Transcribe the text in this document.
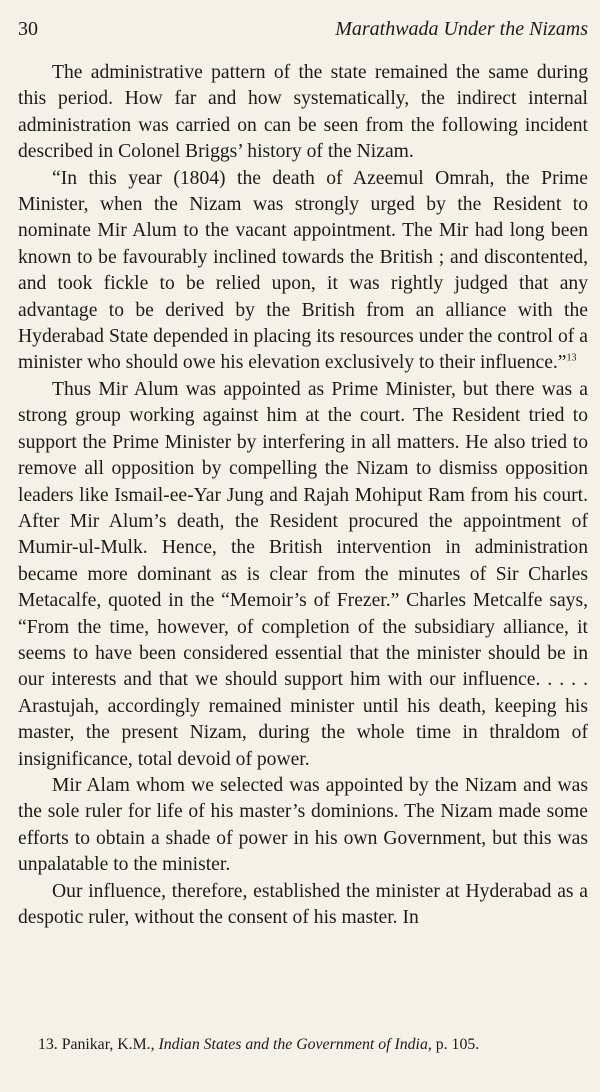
30	Marathwada Under the Nizams

The administrative pattern of the state remained the same during this period. How far and how systematically, the indirect internal administration was carried on can be seen from the following incident described in Colonel Briggs’ history of the Nizam.

“In this year (1804) the death of Azeemul Omrah, the Prime Minister, when the Nizam was strongly urged by the Resident to nominate Mir Alum to the vacant appointment. The Mir had long been known to be favourably inclined towards the British ; and discontented, and took fickle to be relied upon, it was rightly judged that any advantage to be derived by the British from an alliance with the Hyderabad State depended in placing its resources under the control of a minister who should owe his elevation exclusively to their influence.”$^{13}$

Thus Mir Alum was appointed as Prime Minister, but there was a strong group working against him at the court. The Resident tried to support the Prime Minister by interfering in all matters. He also tried to remove all opposition by compelling the Nizam to dismiss opposition leaders like Ismail-ee-Yar Jung and Rajah Mohiput Ram from his court. After Mir Alum’s death, the Resident procured the appointment of Mumir-ul-Mulk. Hence, the British intervention in administration became more dominant as is clear from the minutes of Sir Charles Metacalfe, quoted in the “Memoir’s of Frezer.” Charles Metcalfe says, “From the time, however, of completion of the subsidiary alliance, it seems to have been considered essential that the minister should be in our interests and that we should support him with our influence. . . . . Arastujah, accordingly remained minister until his death, keeping his master, the present Nizam, during the whole time in thraldom of insignificance, total devoid of power.

Mir Alam whom we selected was appointed by the Nizam and was the sole ruler for life of his master’s dominions. The Nizam made some efforts to obtain a shade of power in his own Government, but this was unpalatable to the minister.

Our influence, therefore, established the minister at Hyderabad as a despotic ruler, without the consent of his master. In

13. Panikar, K.M., Indian States and the Government of India, p. 105.
